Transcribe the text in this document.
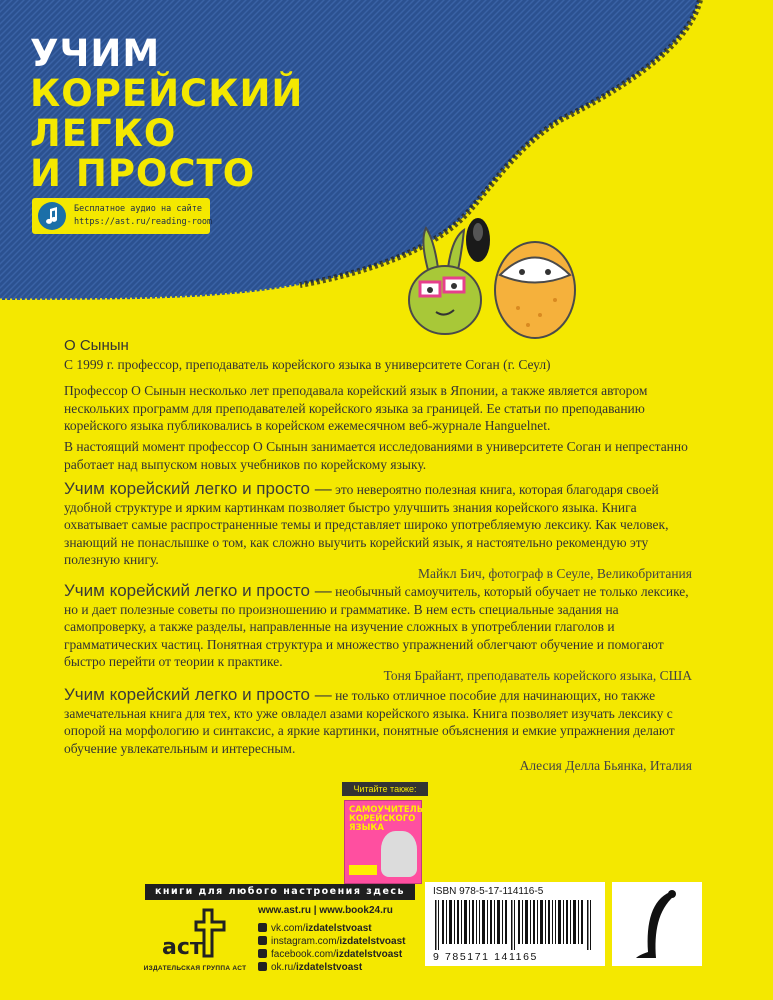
УЧИМ
КОРЕЙСКИЙ
ЛЕГКО
И ПРОСТО
Бесплатное аудио на сайте
https://ast.ru/reading-room
О Сынын

С 1999 г. профессор, преподаватель корейского языка в университете Соган (г. Сеул)

Профессор О Сынын несколько лет преподавала корейский язык в Японии, а также является автором нескольких программ для преподавателей корейского языка за границей. Ее статьи по преподаванию корейского языка публиковались в корейском ежемесячном веб-журнале Hanguelnet.

В настоящий момент профессор О Сынын занимается исследованиями в университете Соган и непрестанно работает над выпуском новых учебников по корейскому языку.

Учим корейский легко и просто — это невероятно полезная книга, которая благодаря своей удобной структуре и ярким картинкам позволяет быстро улучшить знания корейского языка. Книга охватывает самые распространенные темы и представляет широко употребляемую лексику. Как человек, знающий не понаслышке о том, как сложно выучить корейский язык, я настоятельно рекомендую эту полезную книгу.

Майкл Бич, фотограф в Сеуле, Великобритания

Учим корейский легко и просто — необычный самоучитель, который обучает не только лексике, но и дает полезные советы по произношению и грамматике. В нем есть специальные задания на самопроверку, а также разделы, направленные на изучение сложных в употреблении глаголов и грамматических частиц. Понятная структура и множество упражнений облегчают обучение и помогают быстро перейти от теории к практике.

Тоня Брайант, преподаватель корейского языка, США

Учим корейский легко и просто — не только отличное пособие для начинающих, но также замечательная книга для тех, кто уже овладел азами корейского языка. Книга позволяет изучать лексику с опорой на морфологию и синтаксис, а яркие картинки, понятные объяснения и емкие упражнения делают обучение увлекательным и интересным.

Алесия Делла Бьянка, Италия
Читайте также:
САМОУЧИТЕЛЬ КОРЕЙСКОГО ЯЗЫКА
книги для любого настроения здесь
аст
ИЗДАТЕЛЬСКАЯ ГРУППА АСТ
www.ast.ru | www.book24.ru
vk.com/izdatelstvoast
instagram.com/izdatelstvoast
facebook.com/izdatelstvoast
ok.ru/izdatelstvoast
ISBN 978-5-17-114116-5
9 785171 141165
